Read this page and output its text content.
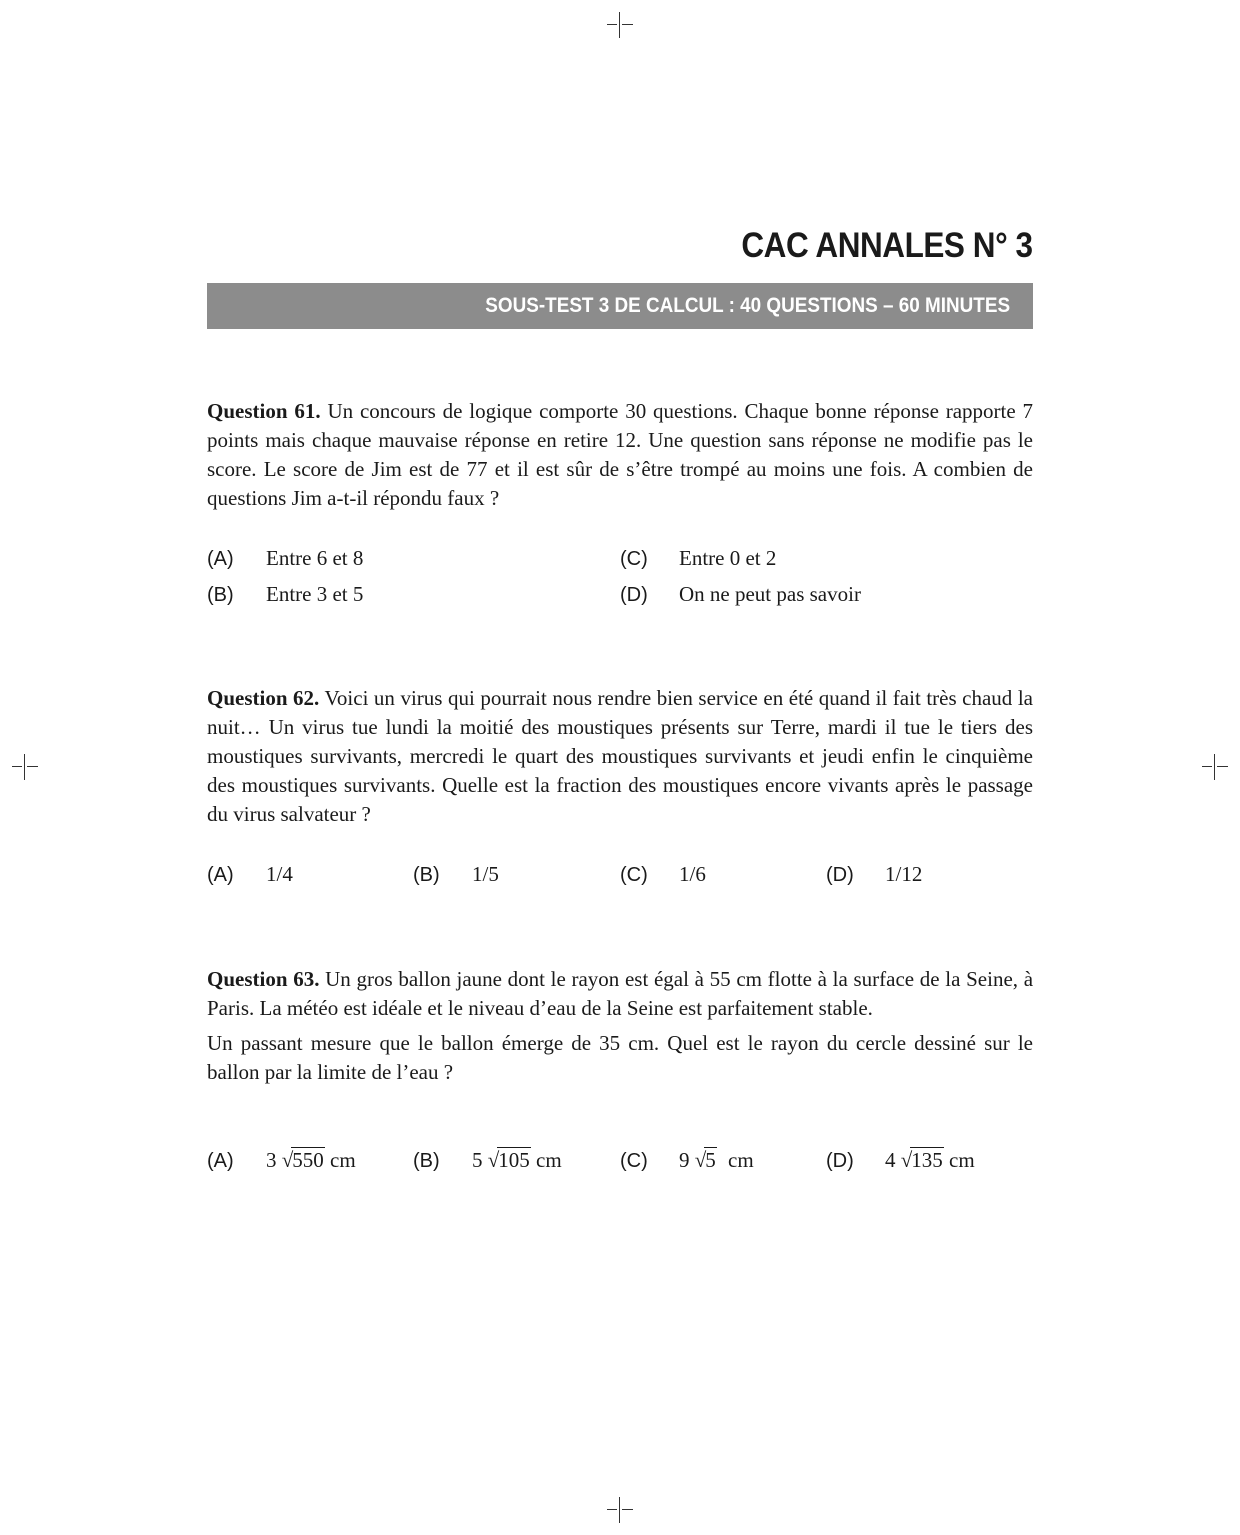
CAC ANNALES N° 3
SOUS-TEST 3 DE CALCUL : 40 QUESTIONS – 60 MINUTES

Question 61. Un concours de logique comporte 30 questions. Chaque bonne réponse rapporte 7 points mais chaque mauvaise réponse en retire 12. Une question sans réponse ne modifie pas le score. Le score de Jim est de 77 et il est sûr de s’être trompé au moins une fois. A combien de questions Jim a-t-il répondu faux ?

(A) Entre 6 et 8
(B) Entre 3 et 5
(C) Entre 0 et 2
(D) On ne peut pas savoir

Question 62. Voici un virus qui pourrait nous rendre bien service en été quand il fait très chaud la nuit… Un virus tue lundi la moitié des moustiques présents sur Terre, mardi il tue le tiers des moustiques survivants, mercredi le quart des moustiques survivants et jeudi enfin le cinquième des moustiques survivants. Quelle est la fraction des moustiques encore vivants après le passage du virus salvateur ?

(A) 1/4	(B) 1/5	(C) 1/6	(D) 1/12

Question 63. Un gros ballon jaune dont le rayon est égal à 55 cm flotte à la surface de la Seine, à Paris. La météo est idéale et le niveau d’eau de la Seine est parfaitement stable.

Un passant mesure que le ballon émerge de 35 cm. Quel est le rayon du cercle dessiné sur le ballon par la limite de l’eau ?

(A) 3 √550 cm	(B) 5 √105 cm	(C) 9 √5 cm	(D) 4 √135 cm
